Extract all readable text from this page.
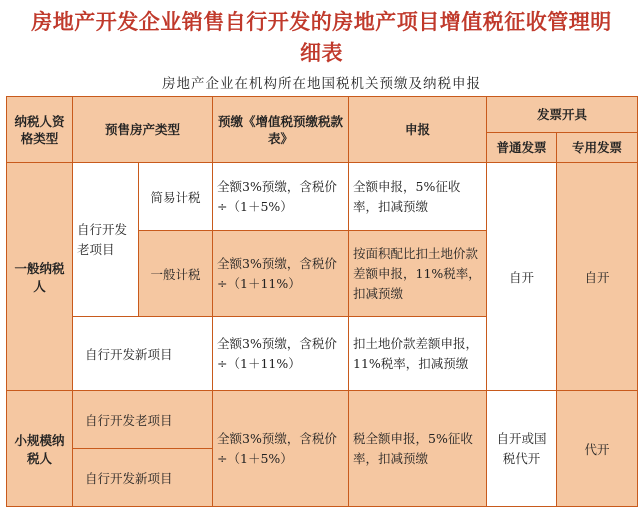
房地产开发企业销售自行开发的房地产项目增值税征收管理明
细表
房地产企业在机构所在地国税机关预缴及纳税申报
纳税人资格类型	预售房产类型		预缴《增值税预缴税款表》	申报	发票开具	
					普通发票	专用发票
一般纳税人	自行开发老项目	简易计税	全额3%预缴，含税价÷（1＋5%）	全额申报，5%征收率，扣减预缴	自开	自开
		一般计税	全额3%预缴，含税价÷（1＋11%）	按面积配比扣土地价款差额申报，11%税率，扣减预缴		
	自行开发新项目		全额3%预缴，含税价÷（1＋11%）	扣土地价款差额申报，11%税率，扣减预缴		
小规模纳税人	自行开发老项目		全额3%预缴，含税价÷（1＋5%）	税全额申报，5%征收率，扣减预缴	自开或国税代开	代开
	自行开发新项目					
